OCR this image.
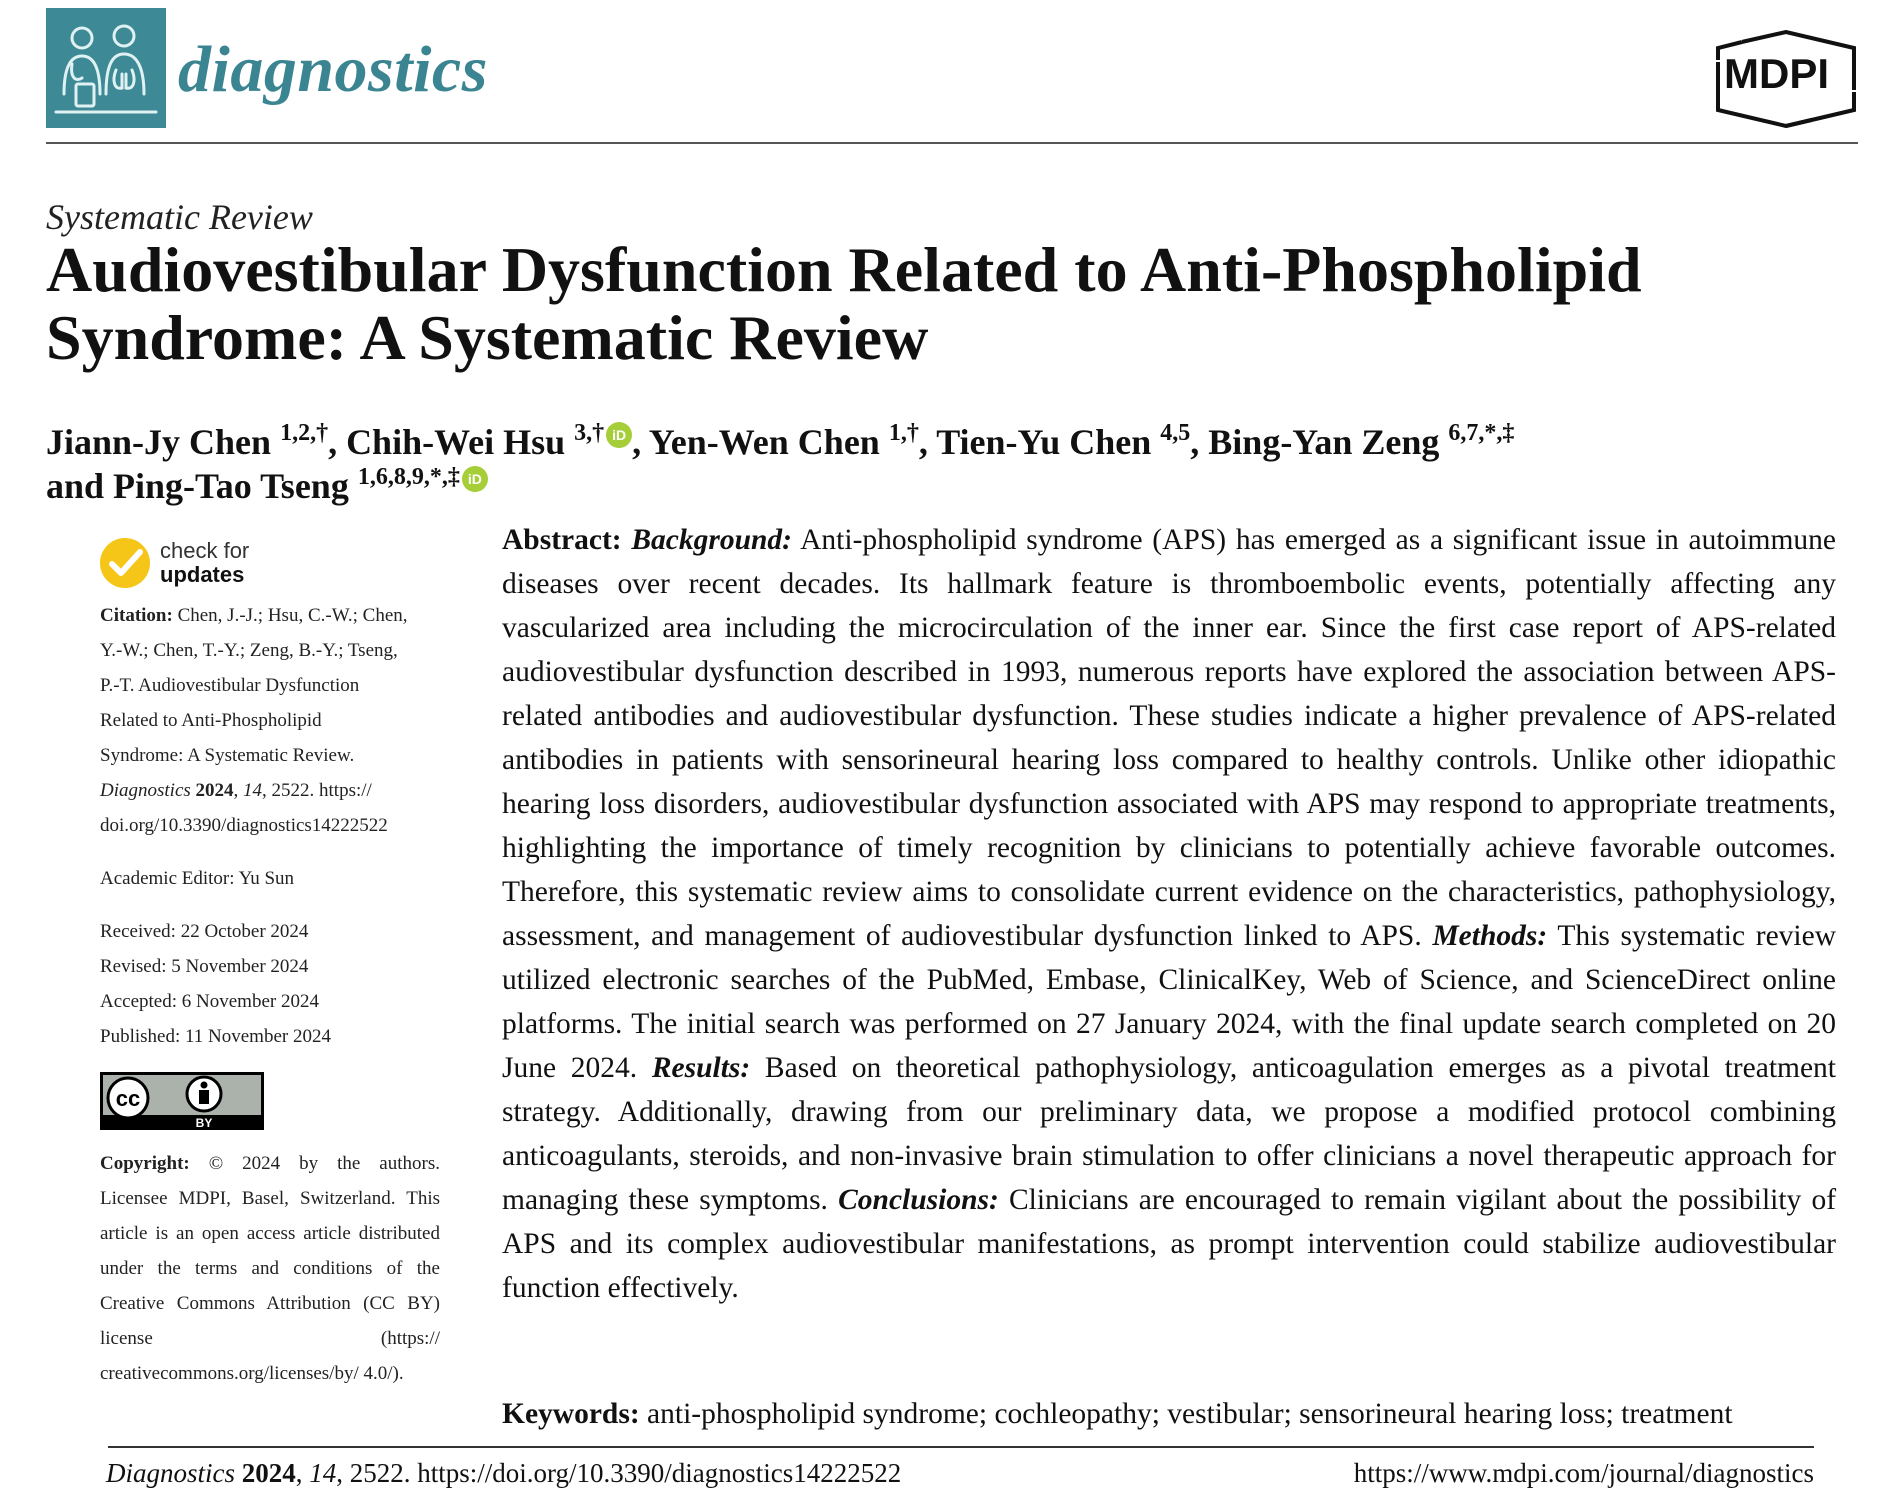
diagnostics	MDPI
Systematic Review
Audiovestibular Dysfunction Related to Anti-Phospholipid Syndrome: A Systematic Review
Jiann-Jy Chen $^{1,2,\dagger}$, Chih-Wei Hsu $^{3,\dagger}$ iD , Yen-Wen Chen $^{1,\dagger}$, Tien-Yu Chen $^{4,5}$, Bing-Yan Zeng $^{6,7,*,\ddagger}$
and Ping-Tao Tseng $^{1,6,8,9,*,\ddagger}$ iD
check for
updates
Citation: Chen, J.-J.; Hsu, C.-W.; Chen,
Y.-W.; Chen, T.-Y.; Zeng, B.-Y.; Tseng,
P.-T. Audiovestibular Dysfunction
Related to Anti-Phospholipid
Syndrome: A Systematic Review.
Diagnostics 2024, 14, 2522. https://
doi.org/10.3390/diagnostics14222522
Academic Editor: Yu Sun
Received: 22 October 2024
Revised: 5 November 2024
Accepted: 6 November 2024
Published: 11 November 2024
cc
BY
Copyright: © 2024 by the authors. Licensee MDPI, Basel, Switzerland. This article is an open access article distributed under the terms and conditions of the Creative Commons Attribution (CC BY) license (https:// creativecommons.org/licenses/by/ 4.0/).
Abstract: Background: Anti-phospholipid syndrome (APS) has emerged as a significant issue in autoimmune diseases over recent decades. Its hallmark feature is thromboembolic events, potentially affecting any vascularized area including the microcirculation of the inner ear. Since the first case report of APS-related audiovestibular dysfunction described in 1993, numerous reports have explored the association between APS-related antibodies and audiovestibular dysfunction. These studies indicate a higher prevalence of APS-related antibodies in patients with sensorineural hearing loss compared to healthy controls. Unlike other idiopathic hearing loss disorders, audiovestibular dysfunction associated with APS may respond to appropriate treatments, highlighting the importance of timely recognition by clinicians to potentially achieve favorable outcomes. Therefore, this systematic review aims to consolidate current evidence on the characteristics, pathophysiology, assessment, and management of audiovestibular dysfunction linked to APS. Methods: This systematic review utilized electronic searches of the PubMed, Embase, ClinicalKey, Web of Science, and ScienceDirect online platforms. The initial search was performed on 27 January 2024, with the final update search completed on 20 June 2024. Results: Based on theoretical pathophysiology, anticoagulation emerges as a pivotal treatment strategy. Additionally, drawing from our preliminary data, we propose a modified protocol combining anticoagulants, steroids, and non-invasive brain stimulation to offer clinicians a novel therapeutic approach for managing these symptoms. Conclusions: Clinicians are encouraged to remain vigilant about the possibility of APS and its complex audiovestibular manifestations, as prompt intervention could stabilize audiovestibular function effectively.
Keywords: anti-phospholipid syndrome; cochleopathy; vestibular; sensorineural hearing loss; treatment
Diagnostics 2024, 14, 2522. https://doi.org/10.3390/diagnostics14222522	https://www.mdpi.com/journal/diagnostics
